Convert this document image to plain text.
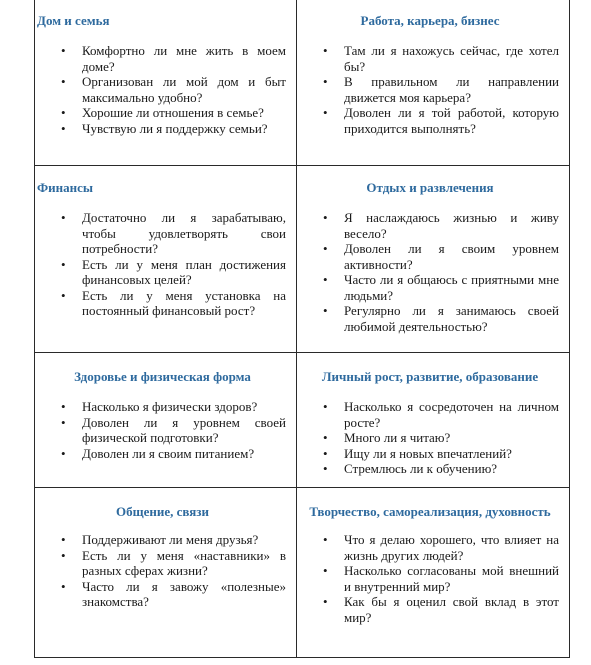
Дом и семья

• Комфортно ли мне жить в моем доме?
• Организован ли мой дом и быт максимально удобно?
• Хорошие ли отношения в семье?
• Чувствую ли я поддержку семьи?

Работа, карьера, бизнес

• Там ли я нахожусь сейчас, где хотел бы?
• В правильном ли направлении движется моя карьера?
• Доволен ли я той работой, которую приходится выполнять?

Финансы

• Достаточно ли я зарабатываю, чтобы удовлетворять свои потребности?
• Есть ли у меня план достижения финансовых целей?
• Есть ли у меня установка на постоянный финансовый рост?

Отдых и развлечения

• Я наслаждаюсь жизнью и живу весело?
• Доволен ли я своим уровнем активности?
• Часто ли я общаюсь с приятными мне людьми?
• Регулярно ли я занимаюсь своей любимой деятельностью?

Здоровье и физическая форма

• Насколько я физически здоров?
• Доволен ли я уровнем своей физической подготовки?
• Доволен ли я своим питанием?

Личный рост, развитие, образование

• Насколько я сосредоточен на личном росте?
• Много ли я читаю?
• Ищу ли я новых впечатлений?
• Стремлюсь ли к обучению?

Общение, связи

• Поддерживают ли меня друзья?
• Есть ли у меня «наставники» в разных сферах жизни?
• Часто ли я завожу «полезные» знакомства?

Творчество, самореализация, духовность

• Что я делаю хорошего, что влияет на жизнь других людей?
• Насколько согласованы мой внешний и внутренний мир?
• Как бы я оценил свой вклад в этот мир?
